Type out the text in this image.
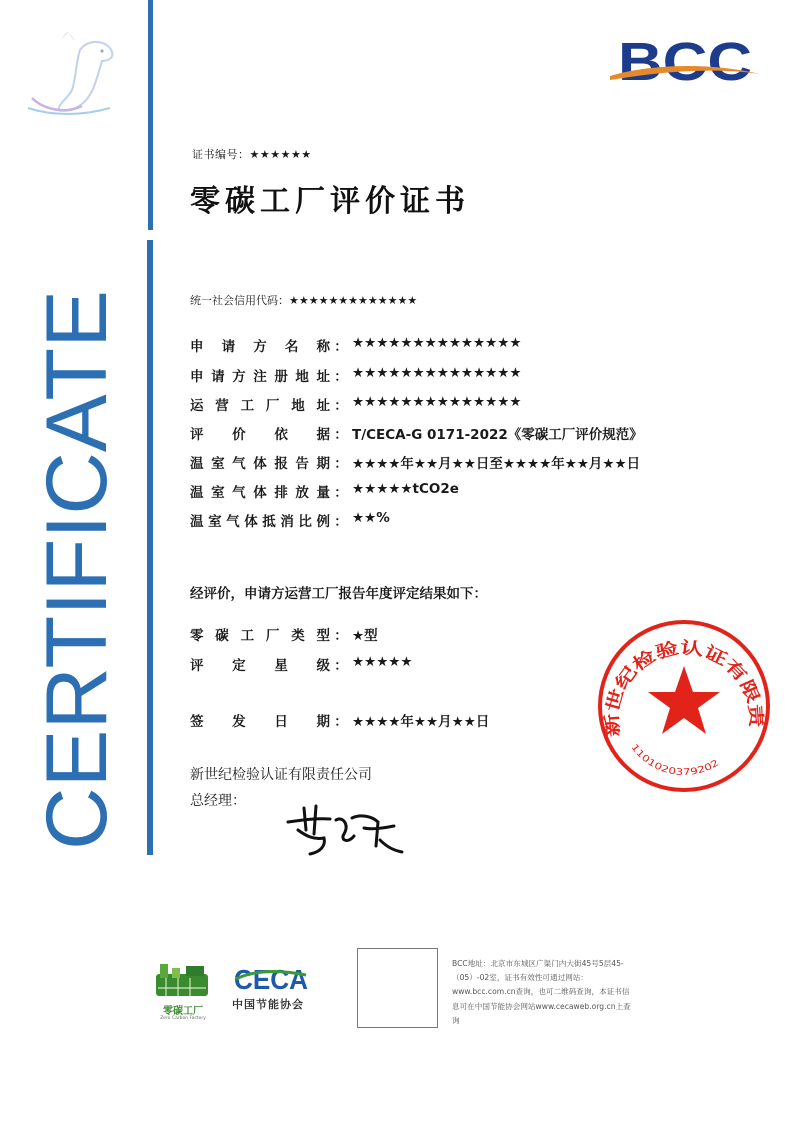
CERTIFICATE
BCC
证书编号：★★★★★★
零碳工厂评价证书
统一社会信用代码：★★★★★★★★★★★★★
申 请 方 名 称 ： ★★★★★★★★★★★★★★
申 请 方 注 册 地 址 ： ★★★★★★★★★★★★★★
运 营 工 厂 地 址 ： ★★★★★★★★★★★★★★
评 价 依 据 ： T/CECA-G 0171-2022《零碳工厂评价规范》
温 室 气 体 报 告 期 ： ★★★★年★★月★★日至★★★★年★★月★★日
温 室 气 体 排 放 量 ： ★★★★★tCO2e
温 室 气 体 抵 消 比 例 ： ★★%
经评价，申请方运营工厂报告年度评定结果如下：
零 碳 工 厂 类 型 ： ★型
评 定 星 级 ： ★★★★★
签 发 日 期 ： ★★★★年★★月★★日
新世纪检验认证有限责任公司
总经理：
新世纪检验认证有限责
1101020379202
零碳工厂
Zero Carbon Factory
CECA
中国节能协会
BCC地址：北京市东城区广渠门内大街45号5层45-
（05）-02室，证书有效性可通过网站：
www.bcc.com.cn查询，也可二维码查询，本证书信
息可在中国节能协会网站www.cecaweb.org.cn上查
询
